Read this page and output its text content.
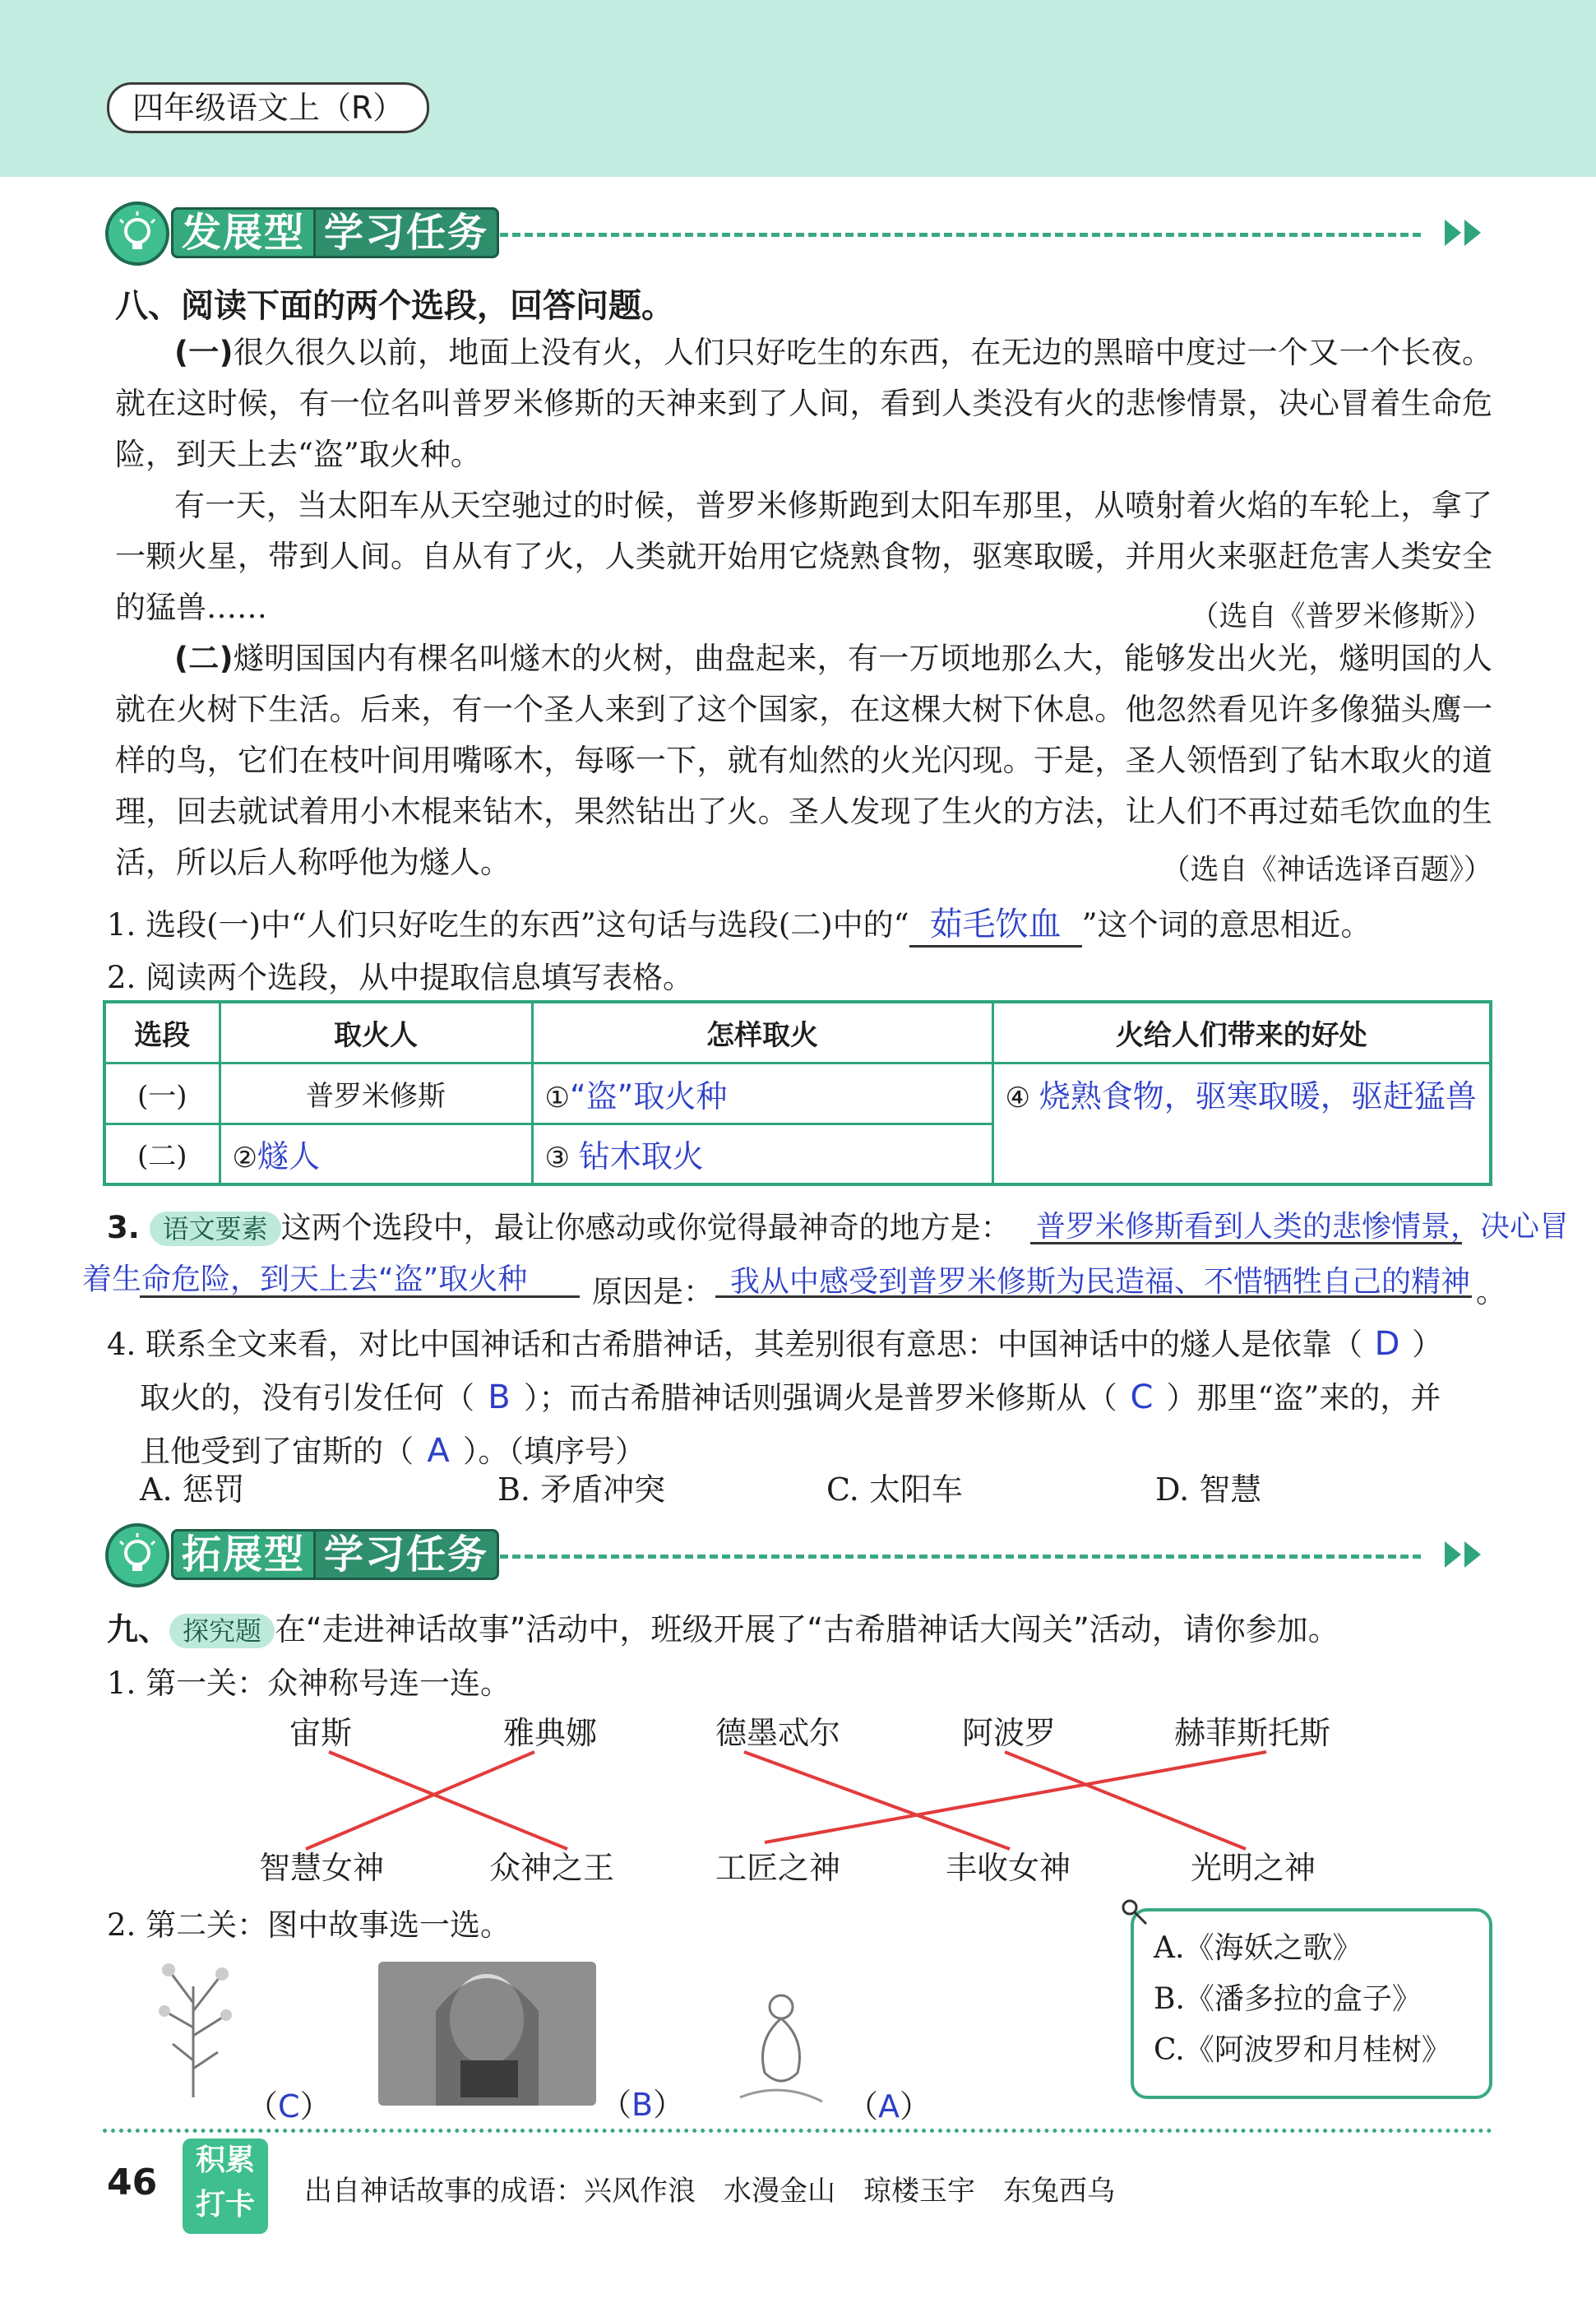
四年级语文上（R）
发展型 学习任务
八、阅读下面的两个选段，回答问题。
(一)很久很久以前，地面上没有火，人们只好吃生的东西，在无边的黑暗中度过一个又一个长夜。就在这时候，有一位名叫普罗米修斯的天神来到了人间，看到人类没有火的悲惨情景，决心冒着生命危险，到天上去“盗”取火种。
有一天，当太阳车从天空驰过的时候，普罗米修斯跑到太阳车那里，从喷射着火焰的车轮上，拿了一颗火星，带到人间。自从有了火，人类就开始用它烧熟食物，驱寒取暖，并用火来驱赶危害人类安全的猛兽……	（选自《普罗米修斯》）
(二)燧明国国内有棵名叫燧木的火树，曲盘起来，有一万顷地那么大，能够发出火光，燧明国的人就在火树下生活。后来，有一个圣人来到了这个国家，在这棵大树下休息。他忽然看见许多像猫头鹰一样的鸟，它们在枝叶间用嘴啄木，每啄一下，就有灿然的火光闪现。于是，圣人领悟到了钻木取火的道理，回去就试着用小木棍来钻木，果然钻出了火。圣人发现了生火的方法，让人们不再过茹毛饮血的生活，所以后人称呼他为燧人。	（选自《神话选译百题》）
1. 选段(一)中“人们只好吃生的东西”这句话与选段(二)中的“ 茹毛饮血 ”这个词的意思相近。
2. 阅读两个选段，从中提取信息填写表格。
选段	取火人	怎样取火	火给人们带来的好处
(一)	普罗米修斯	①“盗”取火种	④ 烧熟食物，驱寒取暖，驱赶猛兽
(二)	②燧人	③ 钻木取火	
3. 语文要素 这两个选段中，最让你感动或你觉得最神奇的地方是： 普罗米修斯看到人类的悲惨情景，决心冒着生命危险，到天上去“盗”取火种	原因是： 我从中感受到普罗米修斯为民造福、不惜牺牲自己的精神 。
4. 联系全文来看，对比中国神话和古希腊神话，其差别很有意思：中国神话中的燧人是依靠（ D ）
取火的，没有引发任何（ B ）；而古希腊神话则强调火是普罗米修斯从（ C ）那里“盗”来的，并
且他受到了宙斯的（ A ）。（填序号）
A. 惩罚	B. 矛盾冲突	C. 太阳车	D. 智慧
拓展型 学习任务
九、 探究题 在“走进神话故事”活动中，班级开展了“古希腊神话大闯关”活动，请你参加。
1. 第一关：众神称号连一连。
宙斯	雅典娜	德墨忒尔	阿波罗	赫菲斯托斯
智慧女神	众神之王	工匠之神	丰收女神	光明之神
2. 第二关：图中故事选一选。
（C）	（B）	（A）
A.《海妖之歌》
B.《潘多拉的盒子》
C.《阿波罗和月桂树》
46
积累
打卡	出自神话故事的成语：兴风作浪　水漫金山　琼楼玉宇　东兔西乌
